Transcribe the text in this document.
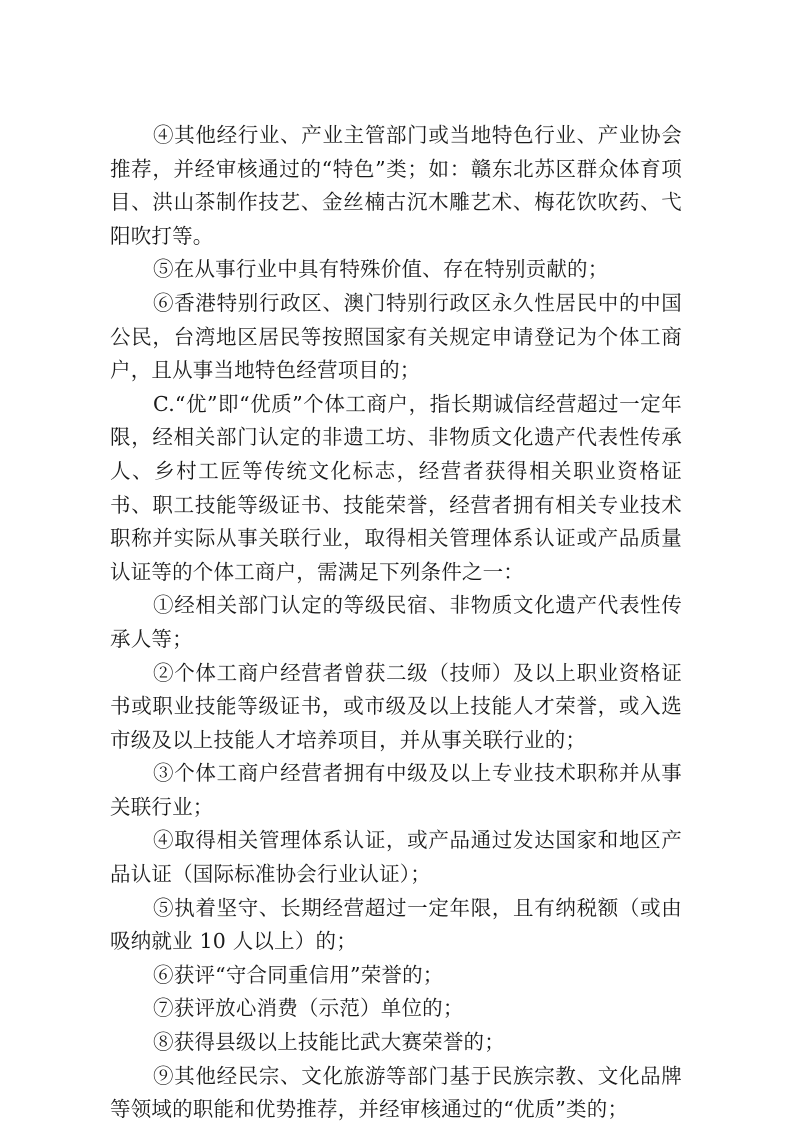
④其他经行业、产业主管部门或当地特色行业、产业协会推荐，并经审核通过的“特色”类；如：赣东北苏区群众体育项目、洪山茶制作技艺、金丝楠古沉木雕艺术、梅花饮吹药、弋阳吹打等。

⑤在从事行业中具有特殊价值、存在特别贡献的；

⑥香港特别行政区、澳门特别行政区永久性居民中的中国公民，台湾地区居民等按照国家有关规定申请登记为个体工商户，且从事当地特色经营项目的；

C.“优”即“优质”个体工商户，指长期诚信经营超过一定年限，经相关部门认定的非遗工坊、非物质文化遗产代表性传承人、乡村工匠等传统文化标志，经营者获得相关职业资格证书、职工技能等级证书、技能荣誉，经营者拥有相关专业技术职称并实际从事关联行业，取得相关管理体系认证或产品质量认证等的个体工商户，需满足下列条件之一：

①经相关部门认定的等级民宿、非物质文化遗产代表性传承人等；

②个体工商户经营者曾获二级（技师）及以上职业资格证书或职业技能等级证书，或市级及以上技能人才荣誉，或入选市级及以上技能人才培养项目，并从事关联行业的；

③个体工商户经营者拥有中级及以上专业技术职称并从事关联行业；

④取得相关管理体系认证，或产品通过发达国家和地区产品认证（国际标准协会行业认证）；

⑤执着坚守、长期经营超过一定年限，且有纳税额（或由吸纳就业 10 人以上）的；

⑥获评“守合同重信用”荣誉的；

⑦获评放心消费（示范）单位的；

⑧获得县级以上技能比武大赛荣誉的；

⑨其他经民宗、文化旅游等部门基于民族宗教、文化品牌等领域的职能和优势推荐，并经审核通过的“优质”类的；
